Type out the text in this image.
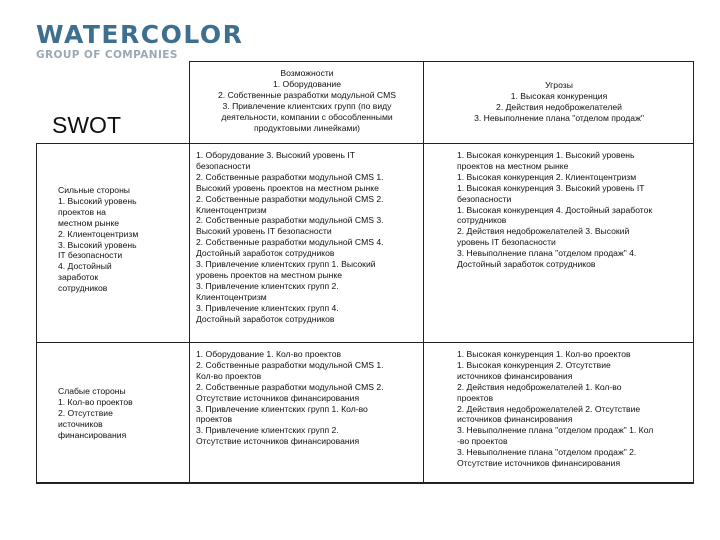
WATERCOLOR
GROUP OF COMPANIES
SWOT
Возможности
1. Оборудование
2. Собственные разработки модульной CMS
3. Привлечение клиентских групп (по виду
деятельности, компании с обособленными
продуктовыми линейками)
Угрозы
1. Высокая конкуренция
2. Действия недоброжелателей
3. Невыполнение плана "отделом продаж"
Сильные стороны
1. Высокий уровень
проектов на
местном рынке
2. Клиентоцентризм
3. Высокий уровень
IT безопасности
4. Достойный
заработок
сотрудников
1. Оборудование 3. Высокий уровень IT
безопасности
2. Собственные разработки модульной CMS 1.
Высокий уровень проектов на местном рынке
2. Собственные разработки модульной CMS 2.
Клиентоцентризм
2. Собственные разработки модульной CMS 3.
Высокий уровень IT безопасности
2. Собственные разработки модульной CMS 4.
Достойный заработок сотрудников
3. Привлечение клиентских групп 1. Высокий
уровень проектов на местном рынке
3. Привлечение клиентских групп 2.
Клиентоцентризм
3. Привлечение клиентских групп 4.
Достойный заработок сотрудников
1. Высокая конкуренция 1. Высокий уровень
проектов на местном рынке
1. Высокая конкуренция 2. Клиентоцентризм
1. Высокая конкуренция 3. Высокий уровень IT
безопасности
1. Высокая конкуренция 4. Достойный заработок
сотрудников
2. Действия недоброжелателей 3. Высокий
уровень IT безопасности
3. Невыполнение плана "отделом продаж" 4.
Достойный заработок сотрудников
Слабые стороны
1. Кол-во проектов
2. Отсутствие
источников
финансирования
1. Оборудование 1. Кол-во проектов
2. Собственные разработки модульной CMS 1.
Кол-во проектов
2. Собственные разработки модульной CMS 2.
Отсутствие источников финансирования
3. Привлечение клиентских групп 1. Кол-во
проектов
3. Привлечение клиентских групп 2.
Отсутствие источников финансирования
1. Высокая конкуренция 1. Кол-во проектов
1. Высокая конкуренция 2. Отсутствие
источников финансирования
2. Действия недоброжелателей 1. Кол-во
проектов
2. Действия недоброжелателей 2. Отсутствие
источников финансирования
3. Невыполнение плана "отделом продаж" 1. Кол
-во проектов
3. Невыполнение плана "отделом продаж" 2.
Отсутствие источников финансирования
